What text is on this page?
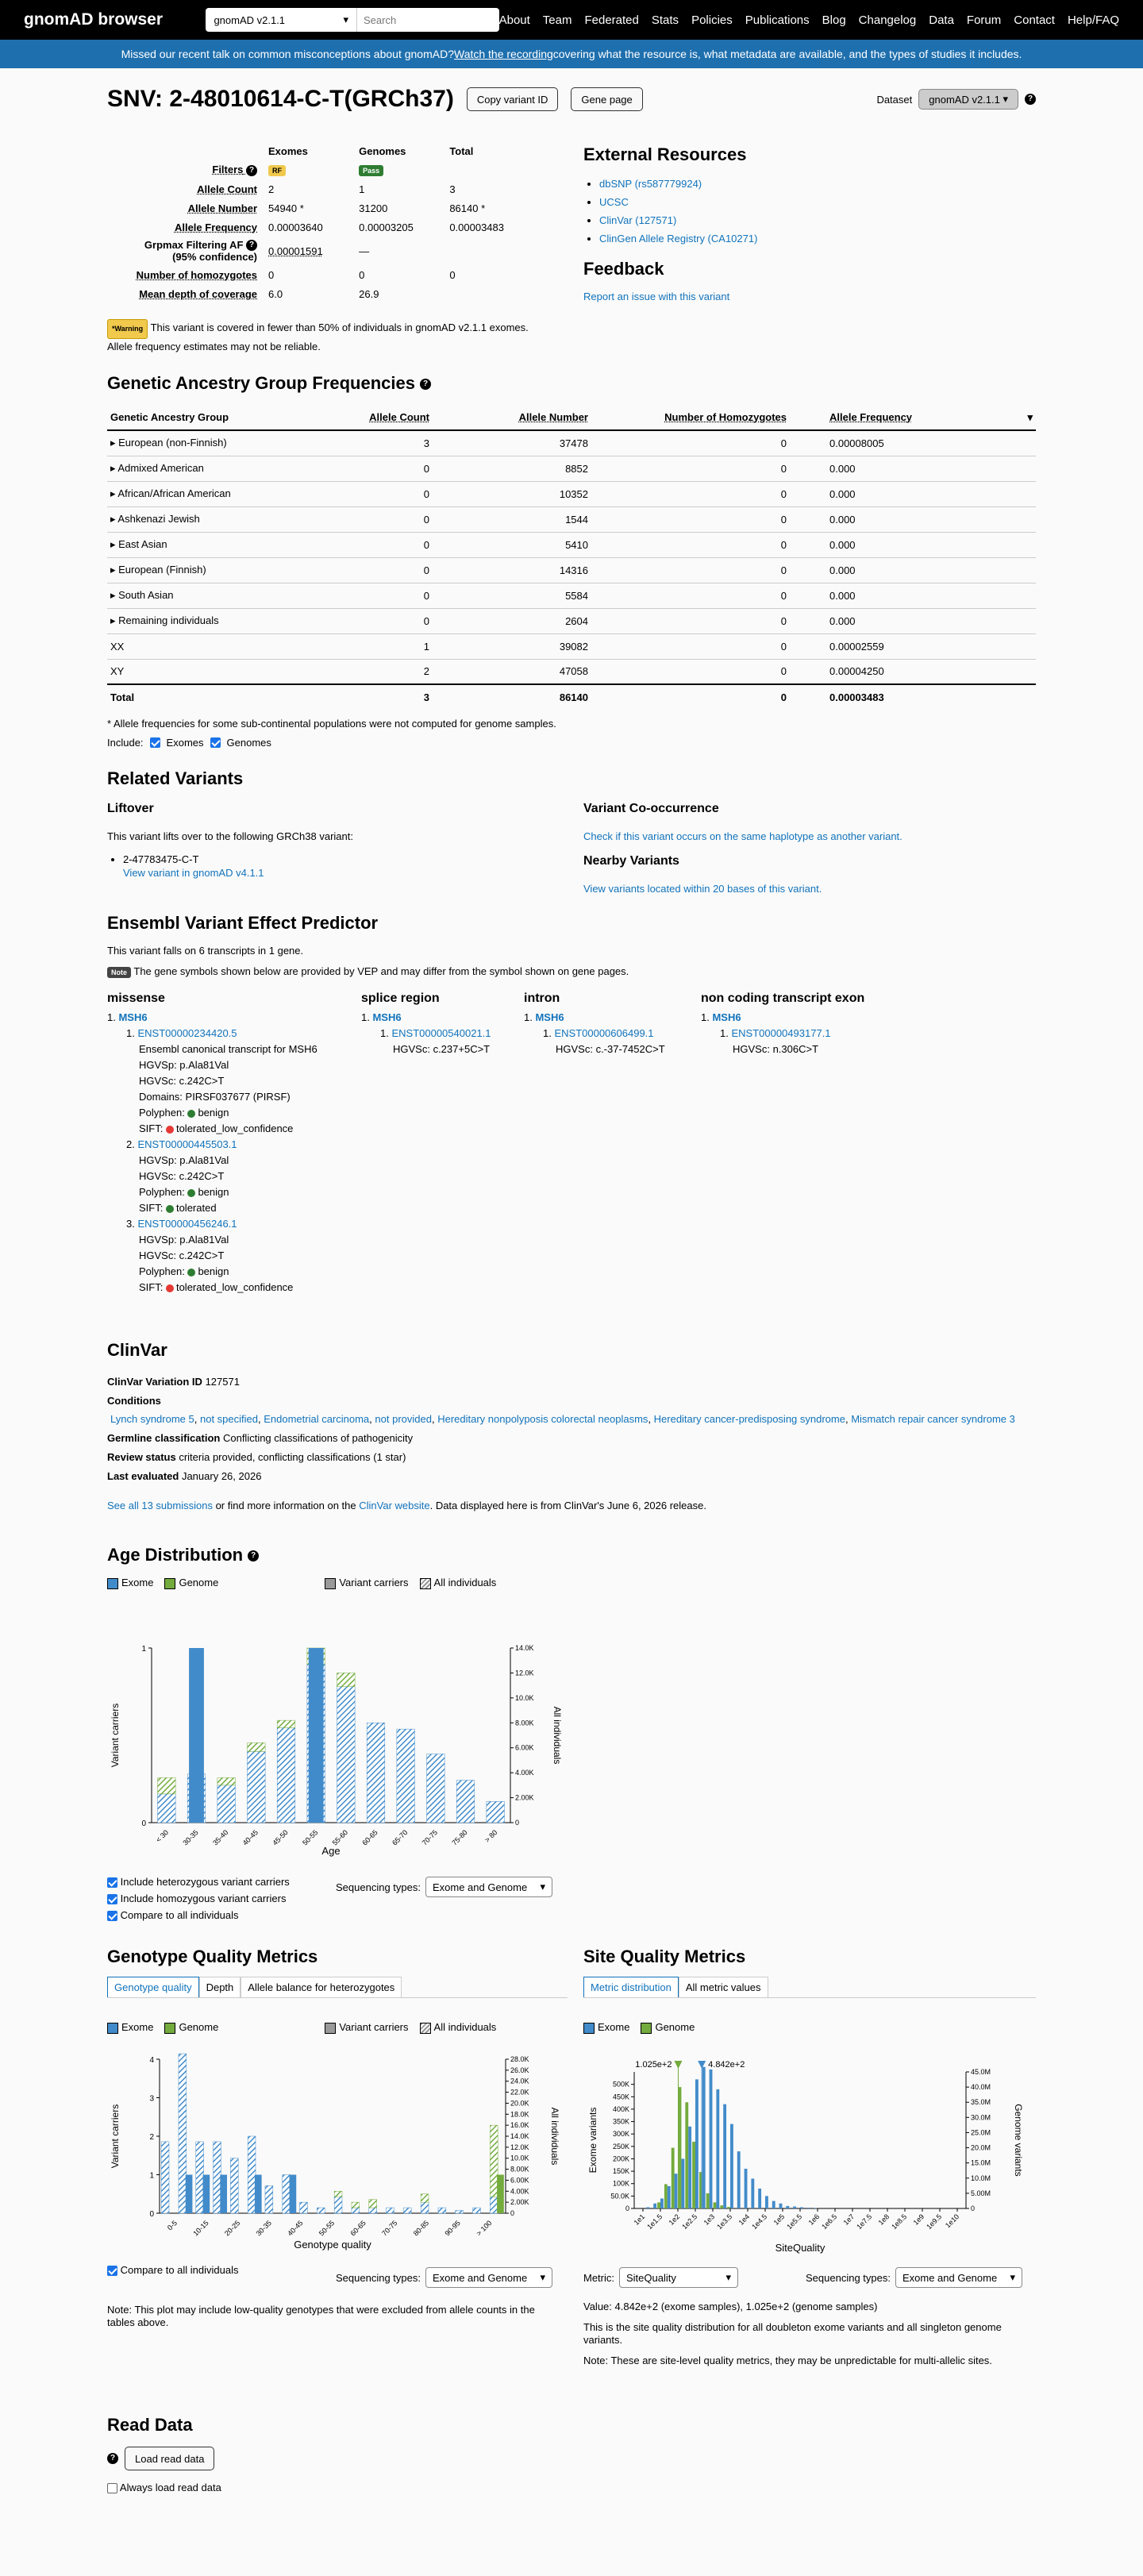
gnomAD browser	gnomAD v2.1.1	▾	Search	About Team Federated Stats Policies Publications Blog Changelog Data Forum Contact Help/FAQ
Missed our recent talk on common misconceptions about gnomAD? Watch the recording covering what the resource is, what metadata are available, and the types of studies it includes.
SNV: 2-48010614-C-T(GRCh37)	Copy variant ID	Gene page	Dataset gnomAD v2.1.1 ▾	?
	Exomes	Genomes	Total
Filters ?	RF	Pass	
Allele Count	2	1	3
Allele Number	54940 *	31200	86140 *
Allele Frequency	0.00003640	0.00003205	0.00003483
Grpmax Filtering AF ?
(95% confidence)	0.00001591	—	
Number of homozygotes	0	0	0
Mean depth of coverage	6.0	26.9	
*Warning This variant is covered in fewer than 50% of individuals in gnomAD v2.1.1 exomes. Allele frequency estimates may not be reliable.
External Resources
• dbSNP (rs587779924)
• UCSC
• ClinVar (127571)
• ClinGen Allele Registry (CA10271)
Feedback
Report an issue with this variant
Genetic Ancestry Group Frequencies ?
Genetic Ancestry Group	Allele Count	Allele Number	Number of Homozygotes	Allele Frequency ▾

▸ European (non-Finnish)	3	37478	0	0.00008005
▸ Admixed American	0	8852	0	0.000
▸ African/African American	0	10352	0	0.000
▸ Ashkenazi Jewish	0	1544	0	0.000
▸ East Asian	0	5410	0	0.000
▸ European (Finnish)	0	14316	0	0.000
▸ South Asian	0	5584	0	0.000
▸ Remaining individuals	0	2604	0	0.000
XX	1	39082	0	0.00002559
XY	2	47058	0	0.00004250
Total	3	86140	0	0.00003483
* Allele frequencies for some sub-continental populations were not computed for genome samples.
Include: Exomes Genomes
Related Variants
Liftover
This variant lifts over to the following GRCh38 variant:
• 2-47783475-C-T
View variant in gnomAD v4.1.1
Variant Co-occurrence
Check if this variant occurs on the same haplotype as another variant.
Nearby Variants
View variants located within 20 bases of this variant.
Ensembl Variant Effect Predictor
This variant falls on 6 transcripts in 1 gene.
Note The gene symbols shown below are provided by VEP and may differ from the symbol shown on gene pages.
missense
1. MSH6
1. ENST00000234420.5
Ensembl canonical transcript for MSH6
HGVSp: p.Ala81Val
HGVSc: c.242C>T
Domains: PIRSF037677 (PIRSF)
Polyphen: benign
SIFT: tolerated_low_confidence
2. ENST00000445503.1
HGVSp: p.Ala81Val
HGVSc: c.242C>T
Polyphen: benign
SIFT: tolerated
3. ENST00000456246.1
HGVSp: p.Ala81Val
HGVSc: c.242C>T
Polyphen: benign
SIFT: tolerated_low_confidence
splice region
1. MSH6
1. ENST00000540021.1
HGVSc: c.237+5C>T
intron
1. MSH6
1. ENST00000606499.1
HGVSc: c.-37-7452C>T
non coding transcript exon
1. MSH6
1. ENST00000493177.1
HGVSc: n.306C>T
ClinVar
ClinVar Variation ID 127571
Conditions
Lynch syndrome 5, not specified, Endometrial carcinoma, not provided, Hereditary nonpolyposis colorectal neoplasms, Hereditary cancer-predisposing syndrome, Mismatch repair cancer syndrome 3
Germline classification Conflicting classifications of pathogenicity
Review status criteria provided, conflicting classifications (1 star)
Last evaluated January 26, 2026
See all 13 submissions or find more information on the ClinVar website. Data displayed here is from ClinVar's June 6, 2026 release.
Age Distribution ?
Exome	Genome	Variant carriers	All individuals
0
1
0
2.00K
4.00K
6.00K
8.00K
10.0K
12.0K
14.0K
< 30 30-35 35-40 40-45 45-50 50-55 55-60 60-65 65-70 70-75 75-80 > 80
Age
Variant carriers	All individuals
Include heterozygous variant carriers
Include homozygous variant carriers
Compare to all individuals
Sequencing types: Exome and Genome ▾
Genotype Quality Metrics
Genotype quality Depth Allele balance for heterozygotes
Exome	Genome	Variant carriers	All individuals
0
1
2
3
4
0
2.00K
4.00K
6.00K
8.00K
10.0K
12.0K
14.0K
16.0K
18.0K
20.0K
22.0K
24.0K
26.0K
28.0K
0-5 10-15 20-25 30-35 40-45 50-55 60-65 70-75 80-85 90-95 > 100
Genotype quality
Variant carriers	All individuals
Compare to all individuals
Sequencing types: Exome and Genome ▾
Note: This plot may include low-quality genotypes that were excluded from allele counts in the tables above.
Site Quality Metrics
Metric distribution All metric values
Exome	Genome
0
50.0K
100K
150K
200K
250K
300K
350K
400K
450K
500K
0
5.00M
10.0M
15.0M
20.0M
25.0M
30.0M
35.0M
40.0M
45.0M
1e1
1e1.5 1e2
1e2.5 1e3
1e3.5 1e4
1e4.5 1e5
1e5.5 1e6
1e6.5 1e7
1e7.5 1e8
1e8.5 1e9
1e9.5 1e10
1.025e+2	4.842e+2
SiteQuality
Exome variants	Genome variants
Metric: SiteQuality	▾	Sequencing types: Exome and Genome ▾
Value: 4.842e+2 (exome samples), 1.025e+2 (genome samples)
This is the site quality distribution for all doubleton exome variants and all singleton genome variants.
Note: These are site-level quality metrics, they may be unpredictable for multi-allelic sites.
Read Data
?	Load read data
Always load read data
